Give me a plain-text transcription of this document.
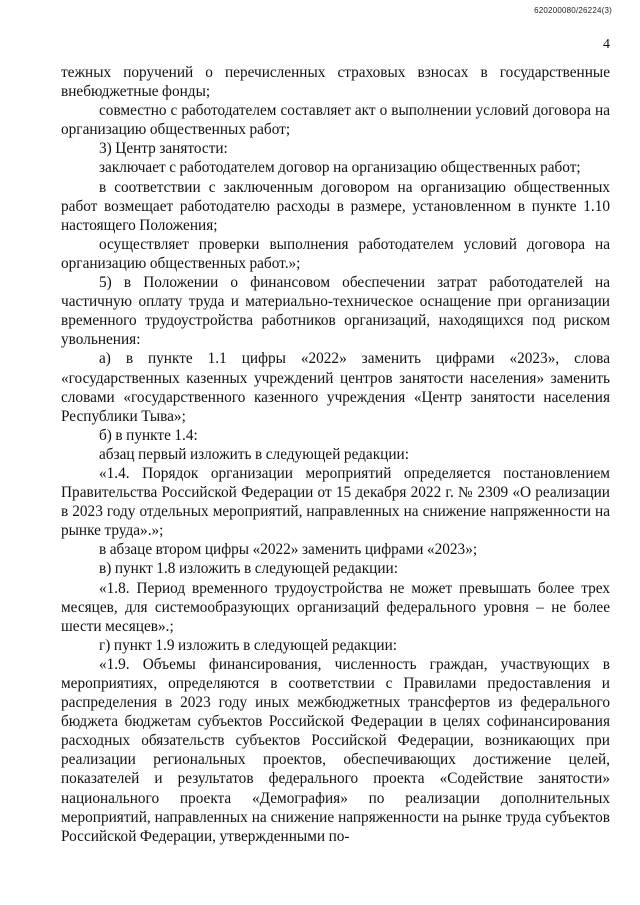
620200080/26224(3)
4

тежных поручений о перечисленных страховых взносах в государственные внебюджетные фонды;

совместно с работодателем составляет акт о выполнении условий договора на организацию общественных работ;

3) Центр занятости:

заключает с работодателем договор на организацию общественных работ;

в соответствии с заключенным договором на организацию общественных работ возмещает работодателю расходы в размере, установленном в пункте 1.10 настоящего Положения;

осуществляет проверки выполнения работодателем условий договора на организацию общественных работ.»;

5) в Положении о финансовом обеспечении затрат работодателей на частичную оплату труда и материально-техническое оснащение при организации временного трудоустройства работников организаций, находящихся под риском увольнения:

а) в пункте 1.1 цифры «2022» заменить цифрами «2023», слова «государственных казенных учреждений центров занятости населения» заменить словами «государственного казенного учреждения «Центр занятости населения Республики Тыва»;

б) в пункте 1.4:

абзац первый изложить в следующей редакции:

«1.4. Порядок организации мероприятий определяется постановлением Правительства Российской Федерации от 15 декабря 2022 г. № 2309 «О реализации в 2023 году отдельных мероприятий, направленных на снижение напряженности на рынке труда».»;

в абзаце втором цифры «2022» заменить цифрами «2023»;

в) пункт 1.8 изложить в следующей редакции:

«1.8. Период временного трудоустройства не может превышать более трех месяцев, для системообразующих организаций федерального уровня – не более шести месяцев».;

г) пункт 1.9 изложить в следующей редакции:

«1.9. Объемы финансирования, численность граждан, участвующих в мероприятиях, определяются в соответствии с Правилами предоставления и распределения в 2023 году иных межбюджетных трансфертов из федерального бюджета бюджетам субъектов Российской Федерации в целях софинансирования расходных обязательств субъектов Российской Федерации, возникающих при реализации региональных проектов, обеспечивающих достижение целей, показателей и результатов федерального проекта «Содействие занятости» национального проекта «Демография» по реализации дополнительных мероприятий, направленных на снижение напряженности на рынке труда субъектов Российской Федерации, утвержденными по-
